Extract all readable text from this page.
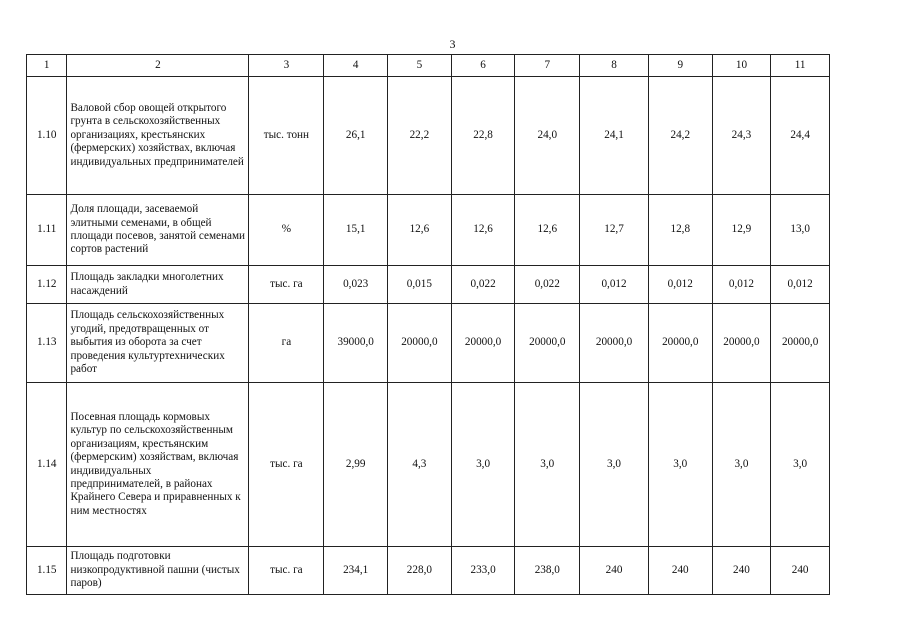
3
1	2	3	4	5	6	7	8	9	10	11
1.10	Валовой сбор овощей открытого грунта в сельскохозяйственных организациях, крестьянских (фермерских) хозяйствах, включая индивидуальных предпринимателей	тыс. тонн	26,1	22,2	22,8	24,0	24,1	24,2	24,3	24,4
1.11	Доля площади, засеваемой элитными семенами, в общей площади посевов, занятой семенами сортов растений	%	15,1	12,6	12,6	12,6	12,7	12,8	12,9	13,0
1.12	Площадь закладки многолетних насаждений	тыс. га	0,023	0,015	0,022	0,022	0,012	0,012	0,012	0,012
1.13	Площадь сельскохозяйственных угодий, предотвращенных от выбытия из оборота за счет проведения культуртехнических работ	га	39000,0	20000,0	20000,0	20000,0	20000,0	20000,0	20000,0	20000,0
1.14	Посевная площадь кормовых культур по сельскохозяйственным организациям, крестьянским (фермерским) хозяйствам, включая индивидуальных предпринимателей, в районах Крайнего Севера и приравненных к ним местностях	тыс. га	2,99	4,3	3,0	3,0	3,0	3,0	3,0	3,0
1.15	Площадь подготовки низкопродуктивной пашни (чистых паров)	тыс. га	234,1	228,0	233,0	238,0	240	240	240	240
